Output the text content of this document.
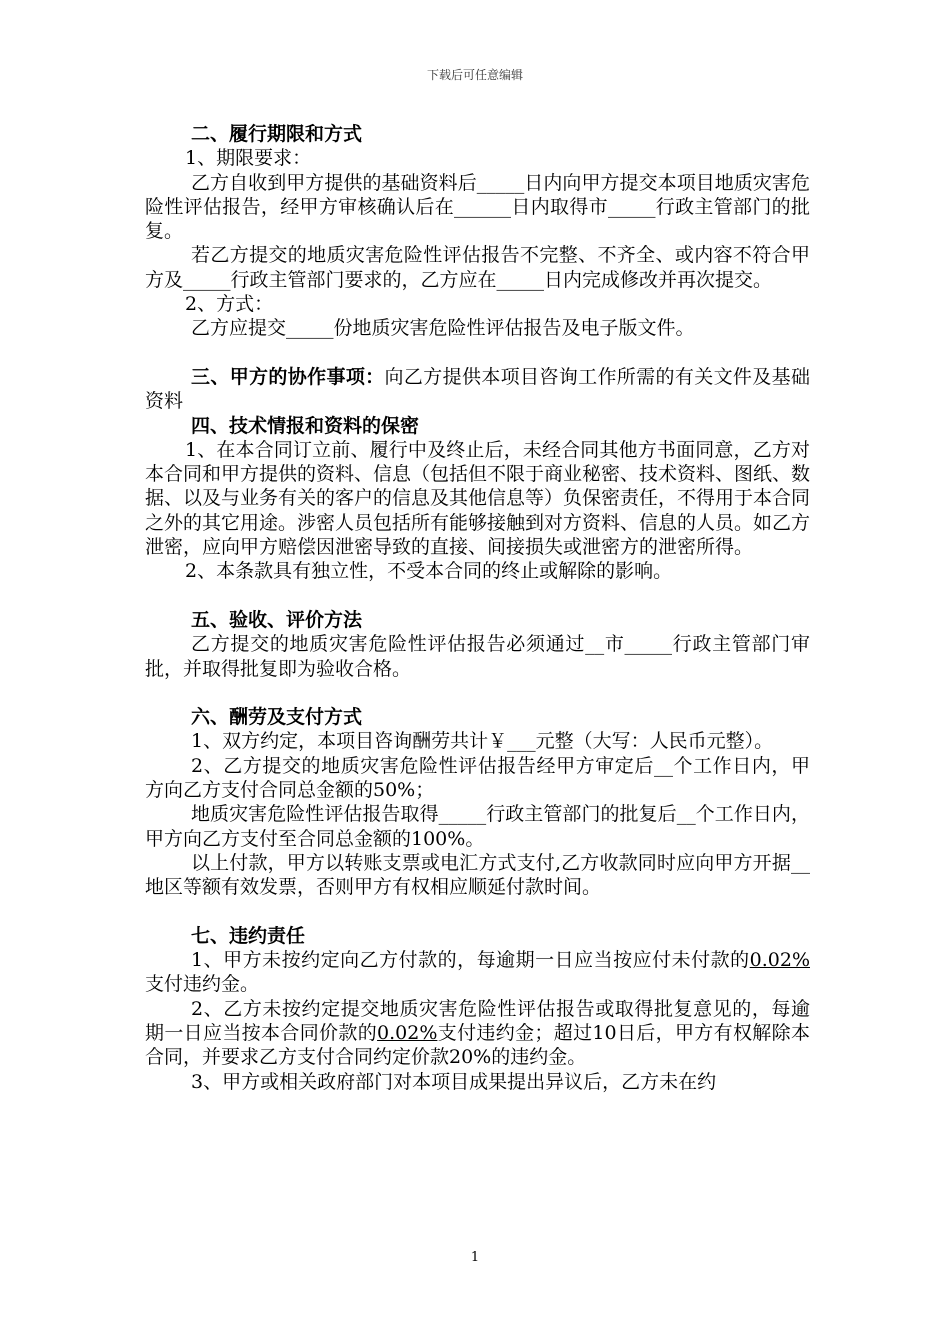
下载后可任意编辑

二、履行期限和方式

1、期限要求：

乙方自收到甲方提供的基础资料后_____日内向甲方提交本项目地质灾害危险性评估报告，经甲方审核确认后在______日内取得市_____行政主管部门的批复。

若乙方提交的地质灾害危险性评估报告不完整、不齐全、或内容不符合甲方及_____行政主管部门要求的，乙方应在_____日内完成修改并再次提交。

2、方式：

乙方应提交_____份地质灾害危险性评估报告及电子版文件。

三、甲方的协作事项：向乙方提供本项目咨询工作所需的有关文件及基础资料

四、技术情报和资料的保密

1、在本合同订立前、履行中及终止后，未经合同其他方书面同意，乙方对本合同和甲方提供的资料、信息（包括但不限于商业秘密、技术资料、图纸、数据、以及与业务有关的客户的信息及其他信息等）负保密责任，不得用于本合同之外的其它用途。涉密人员包括所有能够接触到对方资料、信息的人员。如乙方泄密，应向甲方赔偿因泄密导致的直接、间接损失或泄密方的泄密所得。

2、本条款具有独立性，不受本合同的终止或解除的影响。

五、验收、评价方法

乙方提交的地质灾害危险性评估报告必须通过__市_____行政主管部门审批，并取得批复即为验收合格。

六、酬劳及支付方式

1、双方约定，本项目咨询酬劳共计￥___元整（大写：人民币元整）。

2、乙方提交的地质灾害危险性评估报告经甲方审定后__个工作日内，甲方向乙方支付合同总金额的50%；

地质灾害危险性评估报告取得_____行政主管部门的批复后__个工作日内，甲方向乙方支付至合同总金额的100%。

以上付款，甲方以转账支票或电汇方式支付,乙方收款同时应向甲方开据__地区等额有效发票，否则甲方有权相应顺延付款时间。

七、违约责任

1、甲方未按约定向乙方付款的，每逾期一日应当按应付未付款的0.02%支付违约金。

2、乙方未按约定提交地质灾害危险性评估报告或取得批复意见的，每逾期一日应当按本合同价款的0.02%支付违约金；超过10日后，甲方有权解除本合同，并要求乙方支付合同约定价款20%的违约金。

3、甲方或相关政府部门对本项目成果提出异议后，乙方未在约

1
